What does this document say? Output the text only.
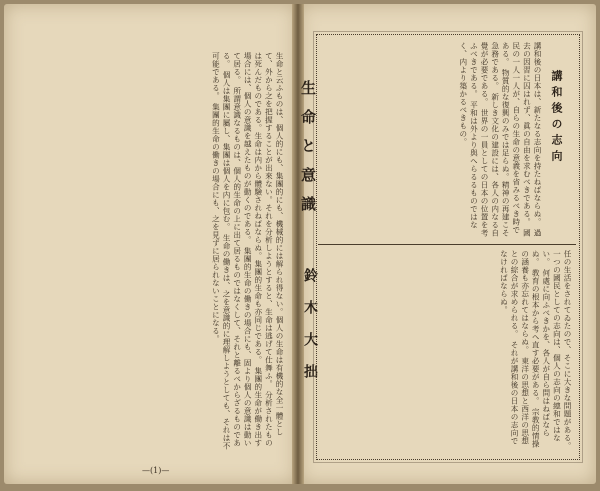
生命と云ふものは、個人的にも、集團的にも、機械的には解られ得ない。個人の生命は有機的な全一體として、外から之を把握することが出來ない。それを分析しようとすると、生命は逃げて仕舞ふ。 分析されたものは死んだものである。生命は内から體驗されねばならぬ。集團的生命も亦同じである。 集團的生命が働き出す場合には、個人の意識を越えたものが動くのである。 集團的生命の働きの場合にも、固より個人の意識は動いて居る。 所謂意識なるものは、個人的生命の上に出て居るものではなくして、それと離るべからざるものである。 個人は集團に屬し、集團は個人を内に包む。 生命の働きは、之を意識的に理解しようとしても、それは不可能である。 集團的生命の働きの場合にも、之を見ずに居られないことになる。
—(1)—
生命と意識
鈴木大拙
講和後の志向
講和後の日本は、新たなる志向を持たねばならぬ。 過去の因習に囚はれず、眞の自由を求むべきである。 國民の一人一人が、自らの生命の意義を省みるべき時である。 物質的な復興のみでは足らぬ。精神の再建こそ急務である。 新しき文化の建設には、各人の内なる自覺が必要である。 世界の一員としての日本の位置を考ふべきである。 平和は外より與へらるるものではなく、内より築かるべきもの。
任の生活をされてゐたので、そこに大きな問題がある。 一つの國民としての志向は、個人の志向の總和ではない。 何處に向ふべきかを、各人が自ら問はねばならぬ。 教育の根本から考へ直す必要がある。 宗教的情操の涵養も亦忘れてはならぬ。 東洋の思想と西洋の思想との綜合が求められる。 それが講和後の日本の志向でなければならぬ。
